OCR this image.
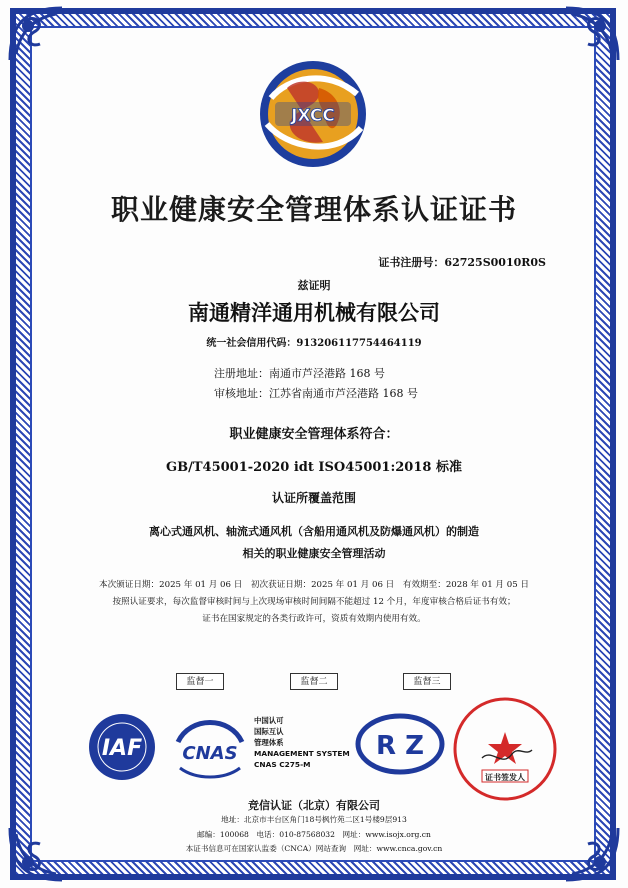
JXCC
职业健康安全管理体系认证证书
证书注册号：62725S0010R0S
兹证明
南通精洋通用机械有限公司
统一社会信用代码：913206117754464119
注册地址：南通市芦泾港路 168 号
审核地址：江苏省南通市芦泾港路 168 号
职业健康安全管理体系符合：
GB/T45001-2020 idt ISO45001:2018 标准
认证所覆盖范围
离心式通风机、轴流式通风机（含船用通风机及防爆通风机）的制造
相关的职业健康安全管理活动
本次颁证日期：2025 年 01 月 06 日　初次获证日期：2025 年 01 月 06 日　有效期至：2028 年 01 月 05 日
按照认证要求，每次监督审核时间与上次现场审核时间间隔不能超过 12 个月，年度审核合格后证书有效；
证书在国家规定的各类行政许可，资质有效期内使用有效。
监督一	监督二	监督三
IAF CNAS
中国认可
国际互认
管理体系
MANAGEMENT SYSTEM
CNAS C275-M
R Z
证书签发人
竞信认证（北京）有限公司
地址：北京市丰台区角门18号枫竹苑二区1号楼9层913
邮编：100068　电话：010-87568032　网址：www.isojx.org.cn
本证书信息可在国家认监委（CNCA）网站查询　网址：www.cnca.gov.cn
